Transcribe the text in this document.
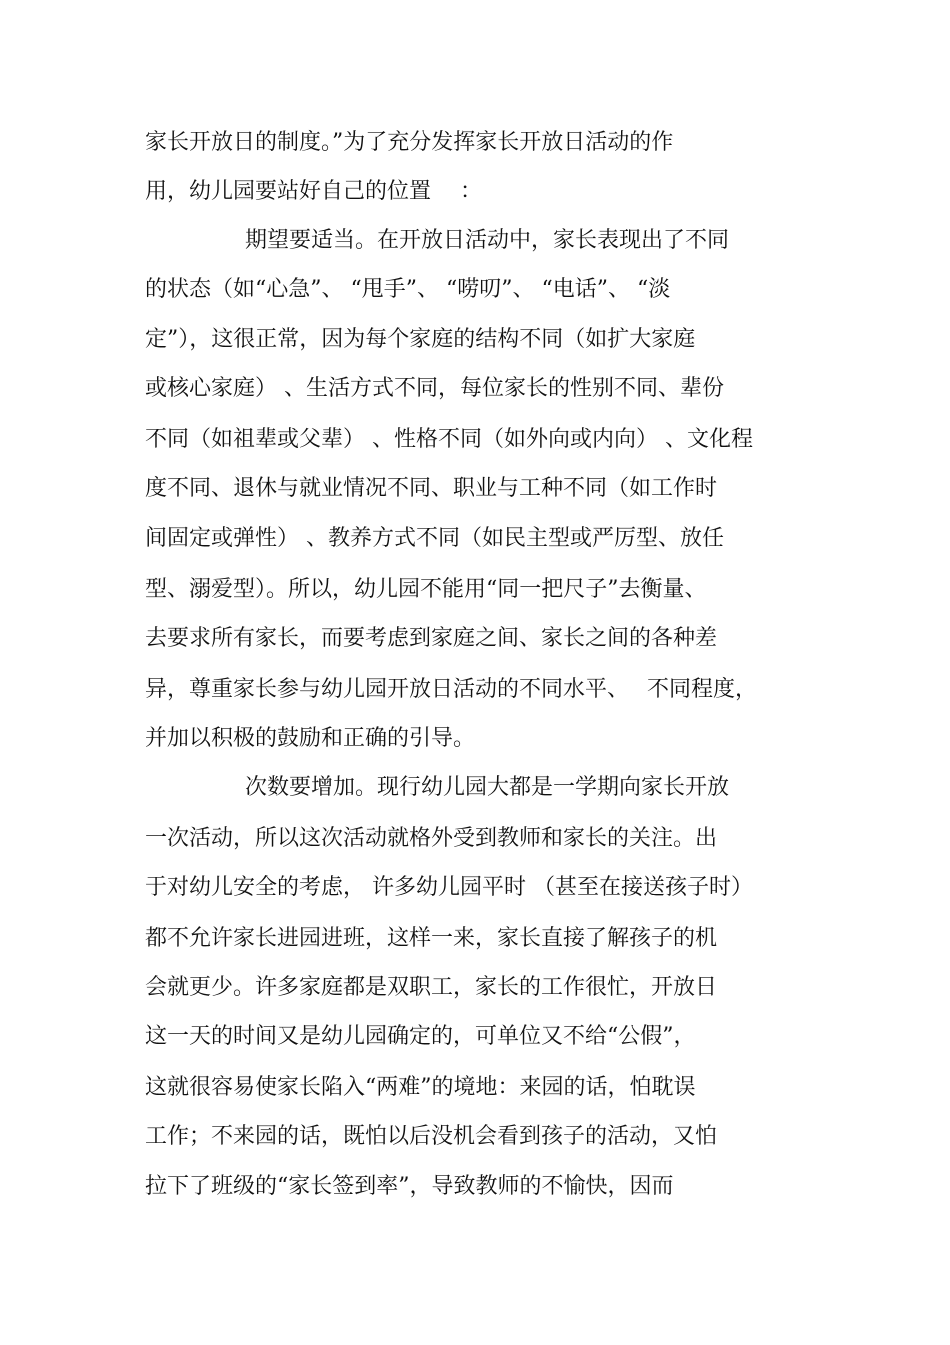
家长开放日的制度。”为了充分发挥家长开放日活动的作

用，幼儿园要站好自己的位置　 ：

期望要适当。在开放日活动中，家长表现出了不同

的状态（如“心急”、 “甩手”、 “唠叨”、 “电话”、 “淡

定”），这很正常，因为每个家庭的结构不同（如扩大家庭

或核心家庭） 、生活方式不同，每位家长的性别不同、辈份

不同（如祖辈或父辈） 、性格不同（如外向或内向） 、文化程

度不同、退休与就业情况不同、职业与工种不同（如工作时

间固定或弹性） 、教养方式不同（如民主型或严厉型、放任

型、溺爱型）。所以，幼儿园不能用“同一把尺子”去衡量、

去要求所有家长，而要考虑到家庭之间、家长之间的各种差

异，尊重家长参与幼儿园开放日活动的不同水平、　 不同程度，

并加以积极的鼓励和正确的引导。

次数要增加。现行幼儿园大都是一学期向家长开放

一次活动，所以这次活动就格外受到教师和家长的关注。出

于对幼儿安全的考虑， 许多幼儿园平时 （甚至在接送孩子时）

都不允许家长进园进班，这样一来，家长直接了解孩子的机

会就更少。许多家庭都是双职工，家长的工作很忙，开放日

这一天的时间又是幼儿园确定的，可单位又不给“公假”，

这就很容易使家长陷入“两难”的境地：来园的话，怕耽误

工作；不来园的话，既怕以后没机会看到孩子的活动，又怕

拉下了班级的“家长签到率”，导致教师的不愉快，因而
